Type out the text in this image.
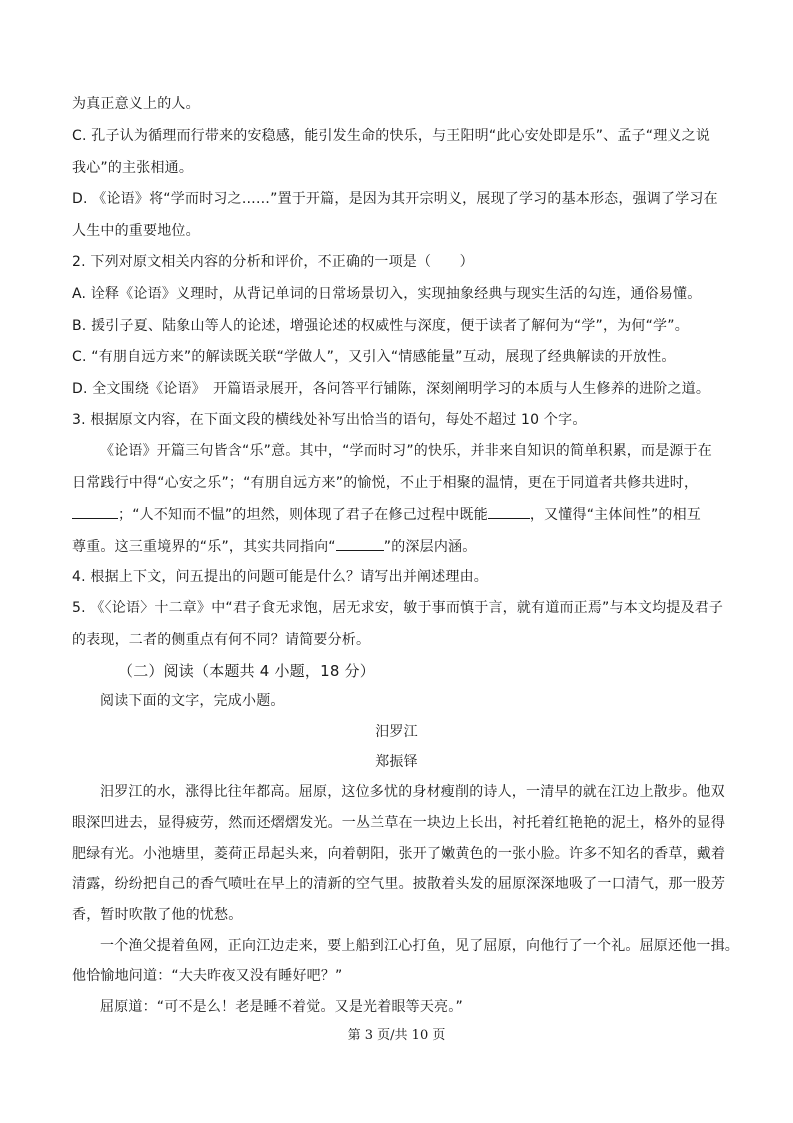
为真正意义上的人。
C. 孔子认为循理而行带来的安稳感，能引发生命的快乐，与王阳明“此心安处即是乐”、孟子“理义之说
我心”的主张相通。
D. 《论语》将“学而时习之……”置于开篇，是因为其开宗明义，展现了学习的基本形态，强调了学习在
人生中的重要地位。
2. 下列对原文相关内容的分析和评价，不正确的一项是（　　）
A. 诠释《论语》义理时，从背记单词的日常场景切入，实现抽象经典与现实生活的勾连，通俗易懂。
B. 援引子夏、陆象山等人的论述，增强论述的权威性与深度，便于读者了解何为“学”，为何“学”。
C. “有朋自远方来”的解读既关联“学做人”，又引入“情感能量”互动，展现了经典解读的开放性。
D. 全文围绕《论语》　开篇语录展开，各问答平行铺陈，深刻阐明学习的本质与人生修养的进阶之道。
3. 根据原文内容，在下面文段的横线处补写出恰当的语句，每处不超过 10 个字。
《论语》开篇三句皆含“乐”意。其中，“学而时习”的快乐，并非来自知识的简单积累，而是源于在
日常践行中得“心安之乐”；“有朋自远方来”的愉悦，不止于相聚的温情，更在于同道者共修共进时，
；“人不知而不愠”的坦然，则体现了君子在修己过程中既能	，又懂得“主体间性”的相互
尊重。这三重境界的“乐”，其实共同指向“	”的深层内涵。
4. 根据上下文，问五提出的问题可能是什么？请写出并阐述理由。
5. 《〈论语〉十二章》中“君子食无求饱，居无求安，敏于事而慎于言，就有道而正焉”与本文均提及君子
的表现，二者的侧重点有何不同？请简要分析。
（二）阅读（本题共 4 小题，18 分）
阅读下面的文字，完成小题。
汨罗江
郑振铎
汨罗江的水，涨得比往年都高。屈原，这位多忧的身材瘦削的诗人，一清早的就在江边上散步。他双
眼深凹进去，显得疲劳，然而还熠熠发光。一丛兰草在一块边上长出，衬托着红艳艳的泥土，格外的显得
肥绿有光。小池塘里，菱荷正昂起头来，向着朝阳，张开了嫩黄色的一张小脸。许多不知名的香草，戴着
清露，纷纷把自己的香气喷吐在早上的清新的空气里。披散着头发的屈原深深地吸了一口清气，那一股芳
香，暂时吹散了他的忧愁。
一个渔父提着鱼网，正向江边走来，要上船到江心打鱼，见了屈原，向他行了一个礼。屈原还他一揖。
他恰愉地问道：“大夫昨夜又没有睡好吧？”
屈原道：“可不是么！老是睡不着觉。又是光着眼等天亮。”
第 3 页/共 10 页
